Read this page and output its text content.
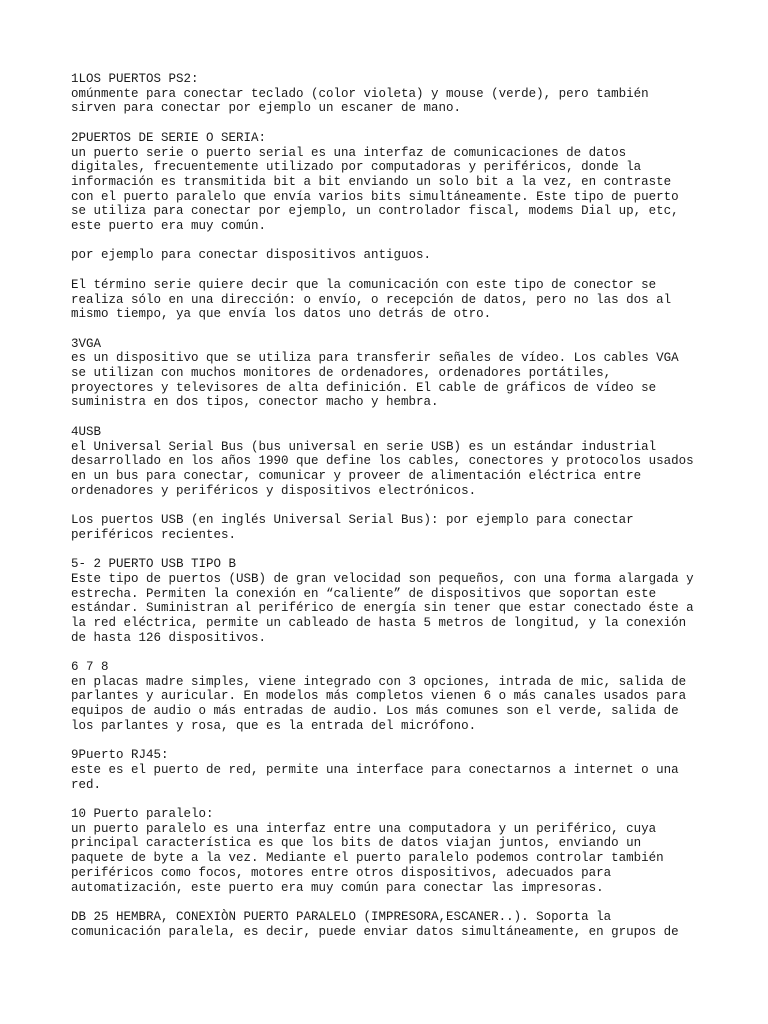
1LOS PUERTOS PS2:
omúnmente para conectar teclado (color violeta) y mouse (verde), pero también
sirven para conectar por ejemplo un escaner de mano.
2PUERTOS DE SERIE O SERIA:
un puerto serie o puerto serial es una interfaz de comunicaciones de datos
digitales, frecuentemente utilizado por computadoras y periféricos, donde la
información es transmitida bit a bit enviando un solo bit a la vez, en contraste
con el puerto paralelo que envía varios bits simultáneamente. Este tipo de puerto
se utiliza para conectar por ejemplo, un controlador fiscal, modems Dial up, etc,
este puerto era muy común.
por ejemplo para conectar dispositivos antiguos.
El término serie quiere decir que la comunicación con este tipo de conector se
realiza sólo en una dirección: o envío, o recepción de datos, pero no las dos al
mismo tiempo, ya que envía los datos uno detrás de otro.
3VGA
es un dispositivo que se utiliza para transferir señales de vídeo. Los cables VGA
se utilizan con muchos monitores de ordenadores, ordenadores portátiles,
proyectores y televisores de alta definición. El cable de gráficos de vídeo se
suministra en dos tipos, conector macho y hembra.
4USB
el Universal Serial Bus (bus universal en serie USB) es un estándar industrial
desarrollado en los años 1990 que define los cables, conectores y protocolos usados
en un bus para conectar, comunicar y proveer de alimentación eléctrica entre
ordenadores y periféricos y dispositivos electrónicos.
Los puertos USB (en inglés Universal Serial Bus): por ejemplo para conectar
periféricos recientes.
5- 2 PUERTO USB TIPO B
Este tipo de puertos (USB) de gran velocidad son pequeños, con una forma alargada y
estrecha. Permiten la conexión en “caliente” de dispositivos que soportan este
estándar. Suministran al periférico de energía sin tener que estar conectado éste a
la red eléctrica, permite un cableado de hasta 5 metros de longitud, y la conexión
de hasta 126 dispositivos.
6 7 8
en placas madre simples, viene integrado con 3 opciones, intrada de mic, salida de
parlantes y auricular. En modelos más completos vienen 6 o más canales usados para
equipos de audio o más entradas de audio. Los más comunes son el verde, salida de
los parlantes y rosa, que es la entrada del micrófono.
9Puerto RJ45:
este es el puerto de red, permite una interface para conectarnos a internet o una
red.
10 Puerto paralelo:
un puerto paralelo es una interfaz entre una computadora y un periférico, cuya
principal característica es que los bits de datos viajan juntos, enviando un
paquete de byte a la vez. Mediante el puerto paralelo podemos controlar también
periféricos como focos, motores entre otros dispositivos, adecuados para
automatización, este puerto era muy común para conectar las impresoras.
DB 25 HEMBRA, CONEXIÒN PUERTO PARALELO (IMPRESORA,ESCANER..). Soporta la
comunicación paralela, es decir, puede enviar datos simultáneamente, en grupos de
